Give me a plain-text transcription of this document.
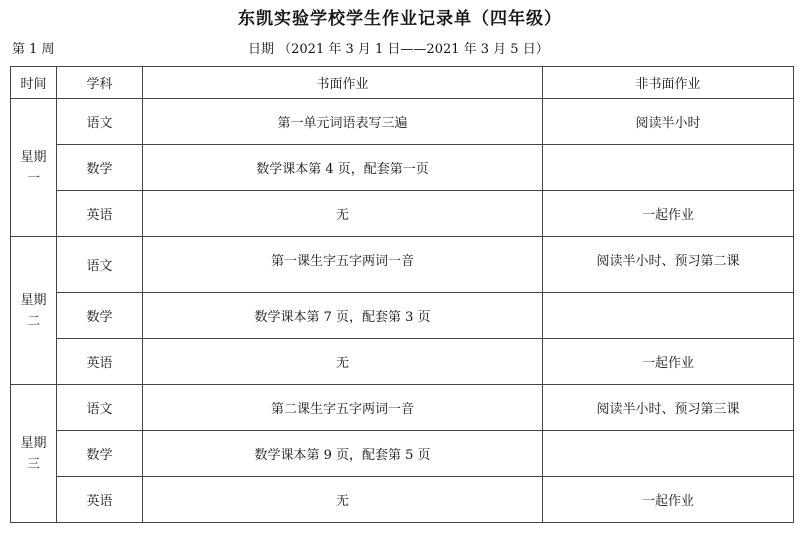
东凯实验学校学生作业记录单（四年级）
第 1 周	日期 （2021 年 3 月 1 日——2021 年 3 月 5 日）
时间	学科	书面作业	非书面作业

星期
一	语文	第一单元词语表写三遍	阅读半小时
	数学	数学课本第 4 页，配套第一页	
	英语	无	一起作业

星期
二	语文	第一课生字五字两词一音	阅读半小时、预习第二课
	数学	数学课本第 7 页，配套第 3 页	
	英语	无	一起作业

星期
三	语文	第二课生字五字两词一音	阅读半小时、预习第三课
	数学	数学课本第 9 页，配套第 5 页	
	英语	无	一起作业
